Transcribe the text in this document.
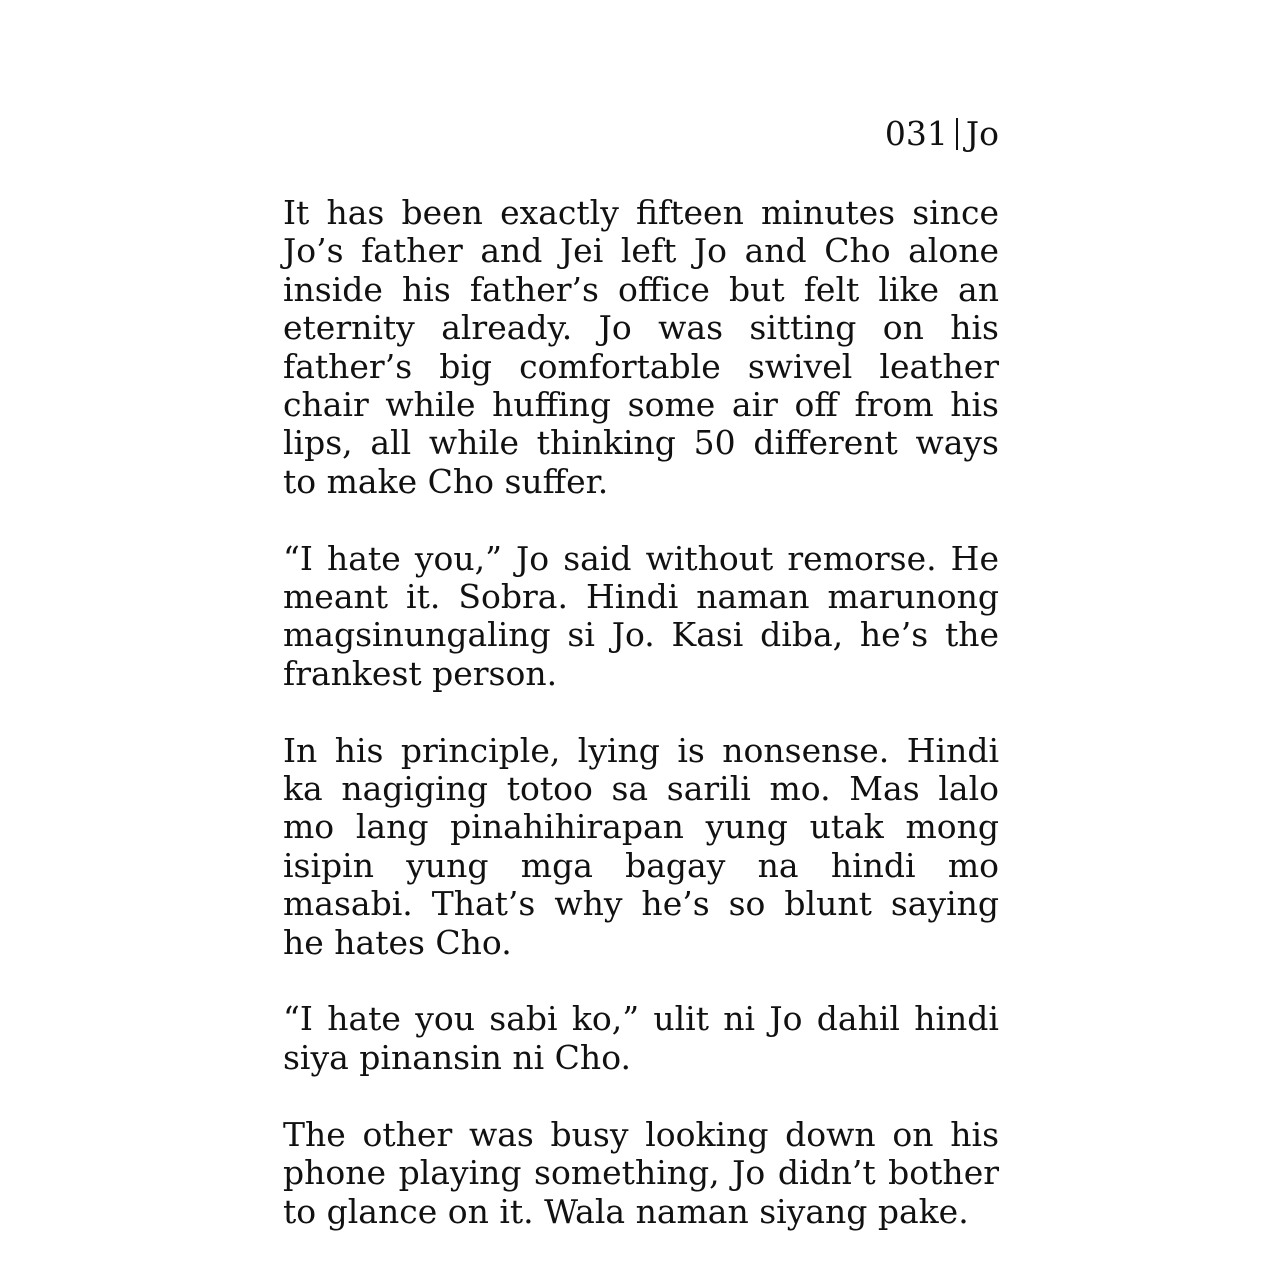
031 Jo

It has been exactly fifteen minutes since Jo’s father and Jei left Jo and Cho alone inside his father’s office but felt like an eternity already. Jo was sitting on his father’s big comfortable swivel leather chair while huffing some air off from his lips, all while thinking 50 different ways to make Cho suffer.

“I hate you,” Jo said without remorse. He meant it. Sobra. Hindi naman marunong magsinungaling si Jo. Kasi diba, he’s the frankest person.

In his principle, lying is nonsense. Hindi ka nagiging totoo sa sarili mo. Mas lalo mo lang pinahihirapan yung utak mong isipin yung mga bagay na hindi mo masabi. That’s why he’s so blunt saying he hates Cho.

“I hate you sabi ko,” ulit ni Jo dahil hindi siya pinansin ni Cho.

The other was busy looking down on his phone playing something, Jo didn’t bother to glance on it. Wala naman siyang pake.
